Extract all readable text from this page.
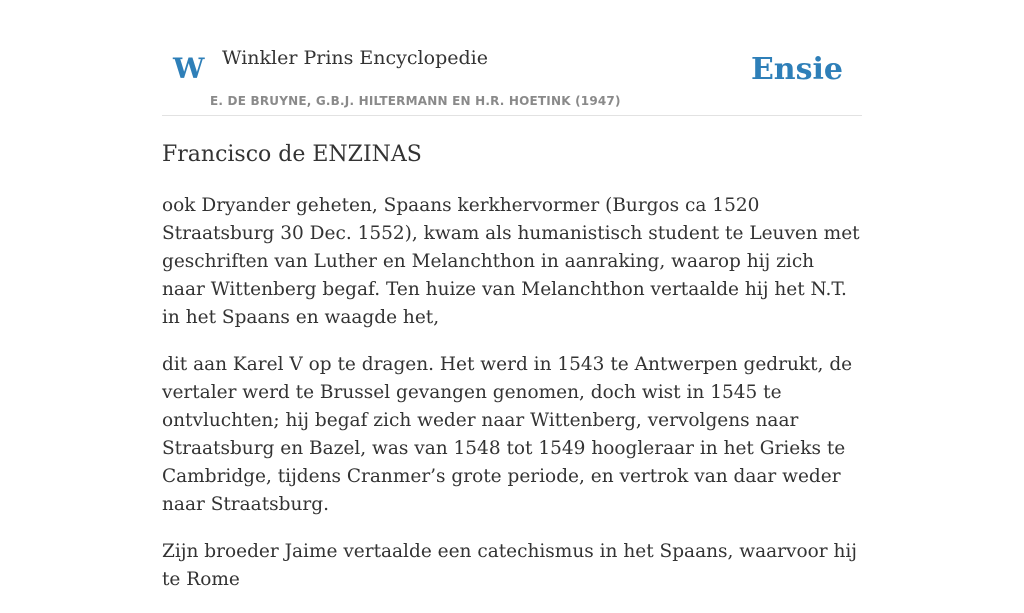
W Winkler Prins Encyclopedie
E. DE BRUYNE, G.B.J. HILTERMANN EN H.R. HOETINK (1947)
Ensie
Francisco de ENZINAS

ook Dryander geheten, Spaans kerkhervormer (Burgos ca 1520 Straatsburg 30 Dec. 1552), kwam als humanistisch student te Leuven met geschriften van Luther en Melanchthon in aanraking, waarop hij zich naar Wittenberg begaf. Ten huize van Melanchthon vertaalde hij het N.T. in het Spaans en waagde het,

dit aan Karel V op te dragen. Het werd in 1543 te Antwerpen gedrukt, de vertaler werd te Brussel gevangen genomen, doch wist in 1545 te ontvluchten; hij begaf zich weder naar Wittenberg, vervolgens naar Straatsburg en Bazel, was van 1548 tot 1549 hoogleraar in het Grieks te Cambridge, tijdens Cranmer’s grote periode, en vertrok van daar weder naar Straatsburg.

Zijn broeder Jaime vertaalde een catechismus in het Spaans, waarvoor hij te Rome
